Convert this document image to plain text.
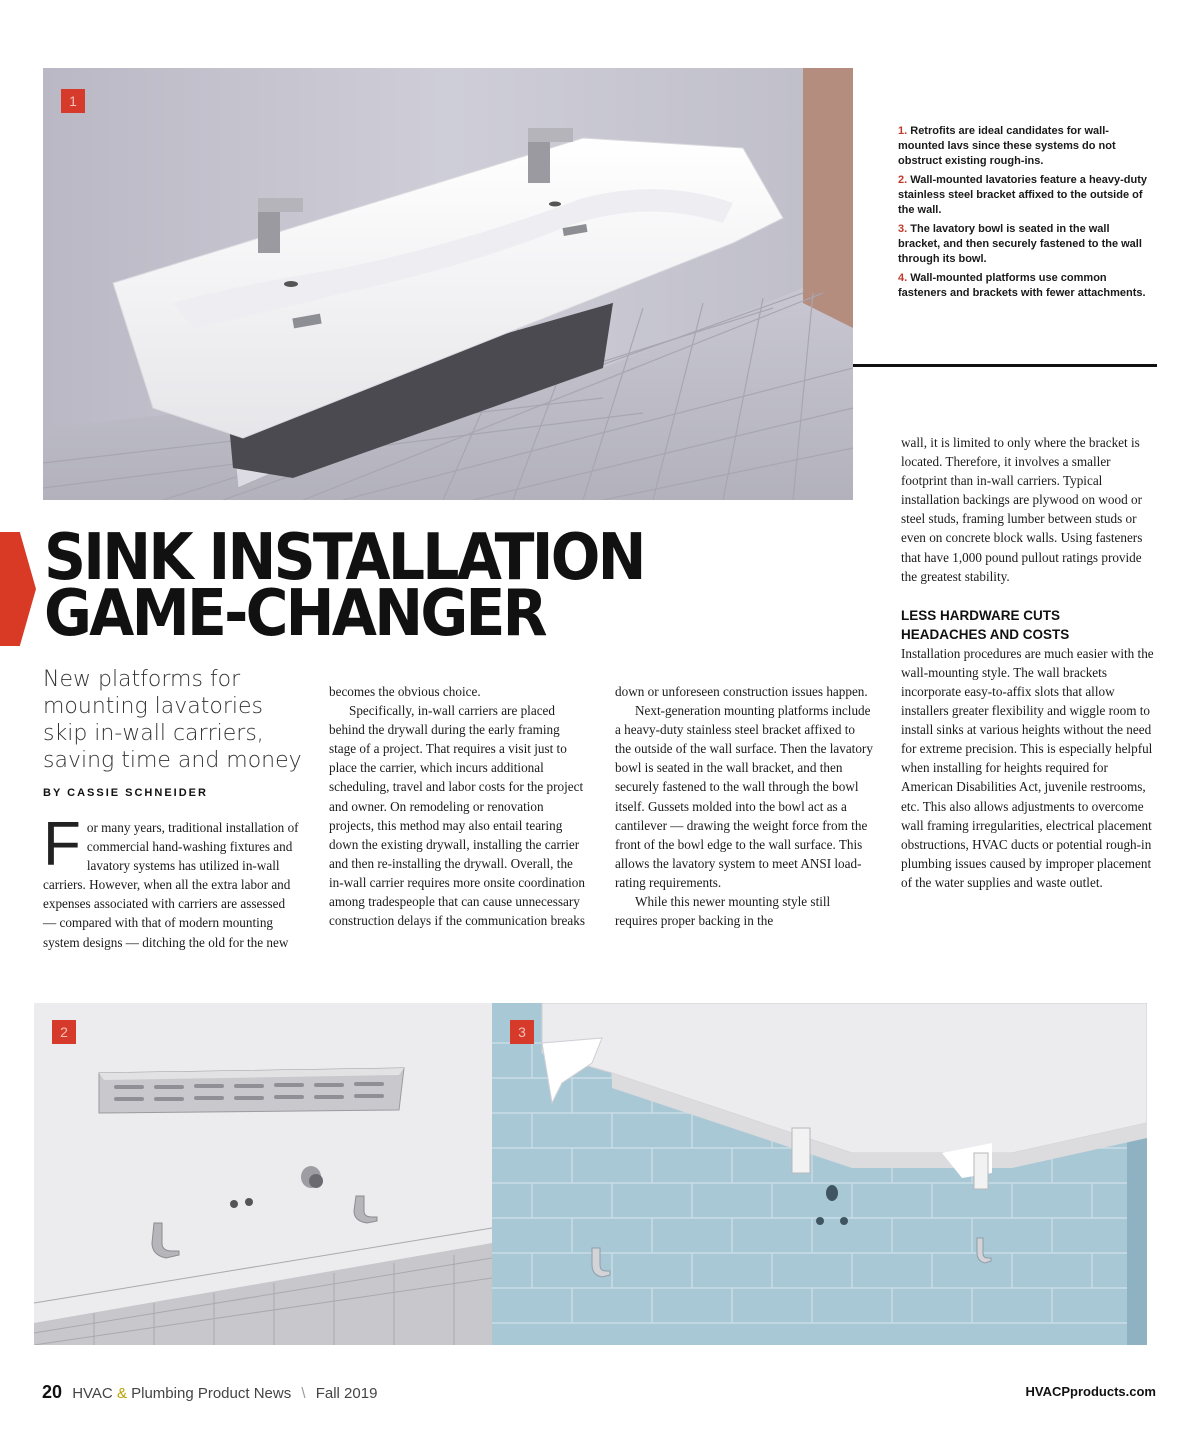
1
1. Retrofits are ideal candidates for wall-mounted lavs since these systems do not obstruct existing rough-ins.
2. Wall-mounted lavatories feature a heavy-duty stainless steel bracket affixed to the outside of the wall.
3. The lavatory bowl is seated in the wall bracket, and then securely fastened to the wall through its bowl.
4. Wall-mounted platforms use common fasteners and brackets with fewer attachments.
SINK INSTALLATION
GAME-CHANGER

New platforms for mounting lavatories skip in-wall carriers, saving time and money

BY CASSIE SCHNEIDER

F or many years, traditional installation of commercial hand-washing fixtures and lavatory systems has utilized in-wall carriers. However, when all the extra labor and expenses associated with carriers are assessed — compared with that of modern mounting system designs — ditching the old for the new

becomes the obvious choice.

Specifically, in-wall carriers are placed behind the drywall during the early framing stage of a project. That requires a visit just to place the carrier, which incurs additional scheduling, travel and labor costs for the project and owner. On remodeling or renovation projects, this method may also entail tearing down the existing drywall, installing the carrier and then re-installing the drywall. Overall, the in-wall carrier requires more onsite coordination among tradespeople that can cause unnecessary construction delays if the communication breaks

down or unforeseen construction issues happen.

Next-generation mounting platforms include a heavy-duty stainless steel bracket affixed to the outside of the wall surface. Then the lavatory bowl is seated in the wall bracket, and then securely fastened to the wall through the bowl itself. Gussets molded into the bowl act as a cantilever — drawing the weight force from the front of the bowl edge to the wall surface. This allows the lavatory system to meet ANSI load-rating requirements.

While this newer mounting style still requires proper backing in the

wall, it is limited to only where the bracket is located. Therefore, it involves a smaller footprint than in-wall carriers. Typical installation backings are plywood on wood or steel studs, framing lumber between studs or even on concrete block walls. Using fasteners that have 1,000 pound pullout ratings provide the greatest stability.

LESS HARDWARE CUTS
HEADACHES AND COSTS

Installation procedures are much easier with the wall-mounting style. The wall brackets incorporate easy-to-affix slots that allow installers greater flexibility and wiggle room to install sinks at various heights without the need for extreme precision. This is especially helpful when installing for heights required for American Disabilities Act, juvenile restrooms, etc. This also allows adjustments to overcome wall framing irregularities, electrical placement obstructions, HVAC ducts or potential rough-in plumbing issues caused by improper placement of the water supplies and waste outlet.

2	3
20 HVAC & Plumbing Product News \ Fall 2019	HVACPproducts.com
